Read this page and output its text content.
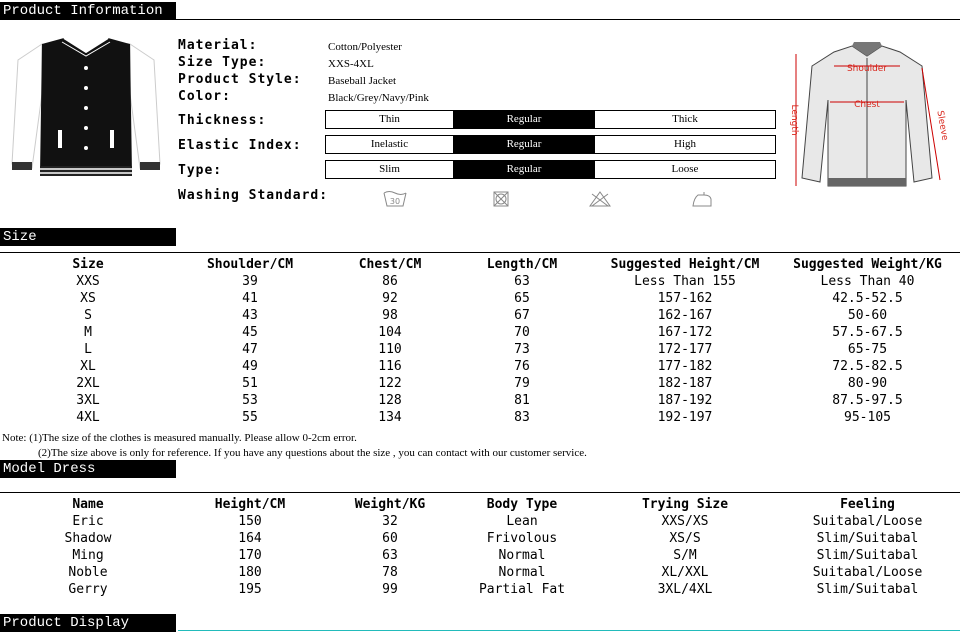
Product Information
Material:	Cotton/Polyester
Size Type:	XXS-4XL
Product Style: Baseball Jacket
Color:	Black/Grey/Navy/Pink
Thickness:	Thin	Regular	Thick
Elastic Index:	Inelastic	Regular	High
Type:	Slim	Regular	Loose
Washing Standard:	30
Shoulder
Chest
Length	Sleeve
Size
Size	Shoulder/CM	Chest/CM	Length/CM	Suggested Height/CM	Suggested Weight/KG
XXS	39	86	63	Less Than 155	Less Than 40
XS	41	92	65	157-162	42.5-52.5
S	43	98	67	162-167	50-60
M	45	104	70	167-172	57.5-67.5
L	47	110	73	172-177	65-75
XL	49	116	76	177-182	72.5-82.5
2XL	51	122	79	182-187	80-90
3XL	53	128	81	187-192	87.5-97.5
4XL	55	134	83	192-197	95-105
Note: (1)The size of the clothes is measured manually. Please allow 0-2cm error.
(2)The size above is only for reference. If you have any questions about the size , you can contact with our customer service.
Model Dress
Name	Height/CM	Weight/KG	Body Type	Trying Size	Feeling
Eric	150	32	Lean	XXS/XS	Suitabal/Loose
Shadow	164	60	Frivolous	XS/S	Slim/Suitabal
Ming	170	63	Normal	S/M	Slim/Suitabal
Noble	180	78	Normal	XL/XXL	Suitabal/Loose
Gerry	195	99	Partial Fat	3XL/4XL	Slim/Suitabal
Product Display
